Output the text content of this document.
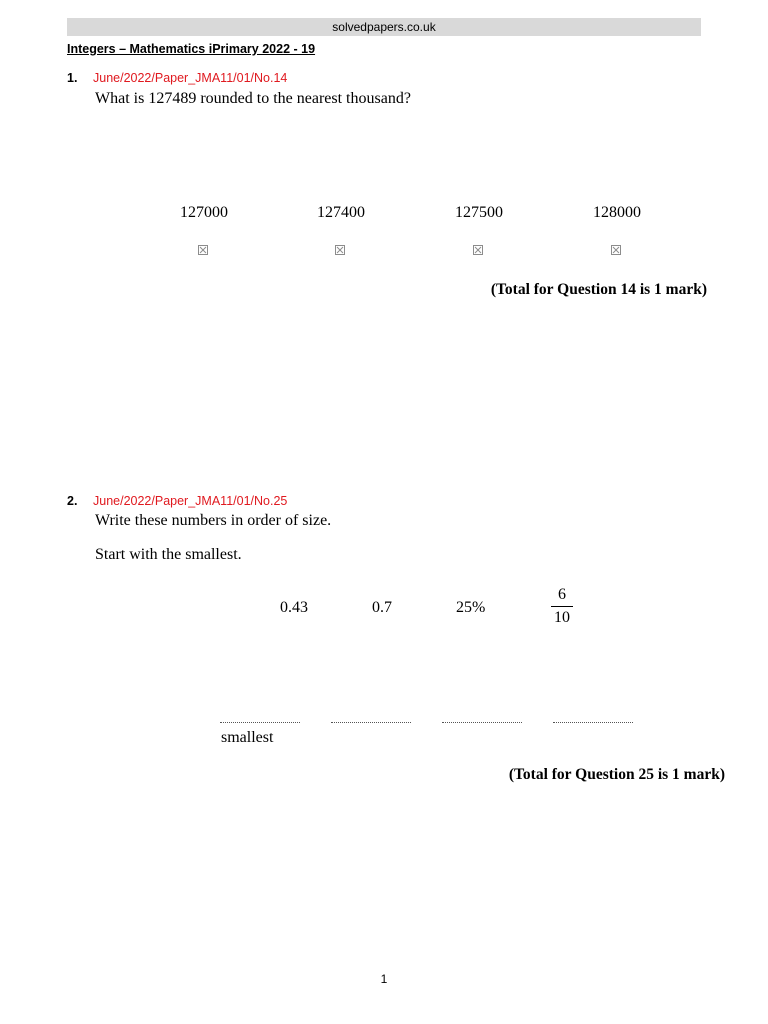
solvedpapers.co.uk
Integers – Mathematics iPrimary 2022 - 19
1. June/2022/Paper_JMA11/01/No.14
What is 127489 rounded to the nearest thousand?
127000	127400	127500	128000
(Total for Question 14 is 1 mark)
2. June/2022/Paper_JMA11/01/No.25
Write these numbers in order of size.
Start with the smallest.
0.43	0.7	25%
6
10
smallest
(Total for Question 25 is 1 mark)
1
